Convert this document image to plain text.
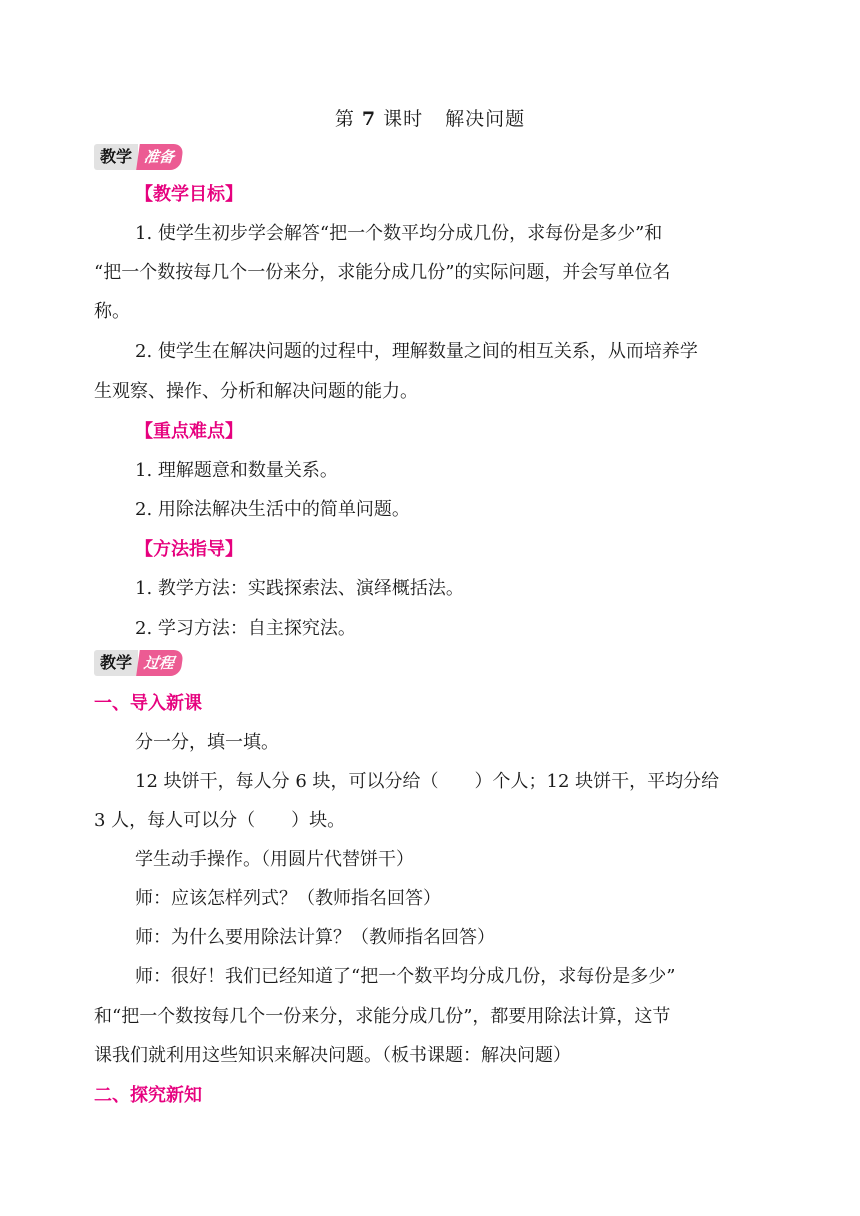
第 7 课时 解决问题
教学 准备
【教学目标】
1. 使学生初步学会解答“把一个数平均分成几份，求每份是多少”和
“把一个数按每几个一份来分，求能分成几份”的实际问题，并会写单位名
称。
2. 使学生在解决问题的过程中，理解数量之间的相互关系，从而培养学
生观察、操作、分析和解决问题的能力。
【重点难点】
1. 理解题意和数量关系。
2. 用除法解决生活中的简单问题。
【方法指导】
1. 教学方法：实践探索法、演绎概括法。
2. 学习方法：自主探究法。
教学 过程
一、导入新课
分一分，填一填。
12 块饼干，每人分 6 块，可以分给（　　）个人；12 块饼干，平均分给
3 人，每人可以分（　　）块。
学生动手操作。（用圆片代替饼干）
师：应该怎样列式？（教师指名回答）
师：为什么要用除法计算？（教师指名回答）
师：很好！我们已经知道了“把一个数平均分成几份，求每份是多少”
和“把一个数按每几个一份来分，求能分成几份”，都要用除法计算，这节
课我们就利用这些知识来解决问题。（板书课题：解决问题）
二、探究新知
